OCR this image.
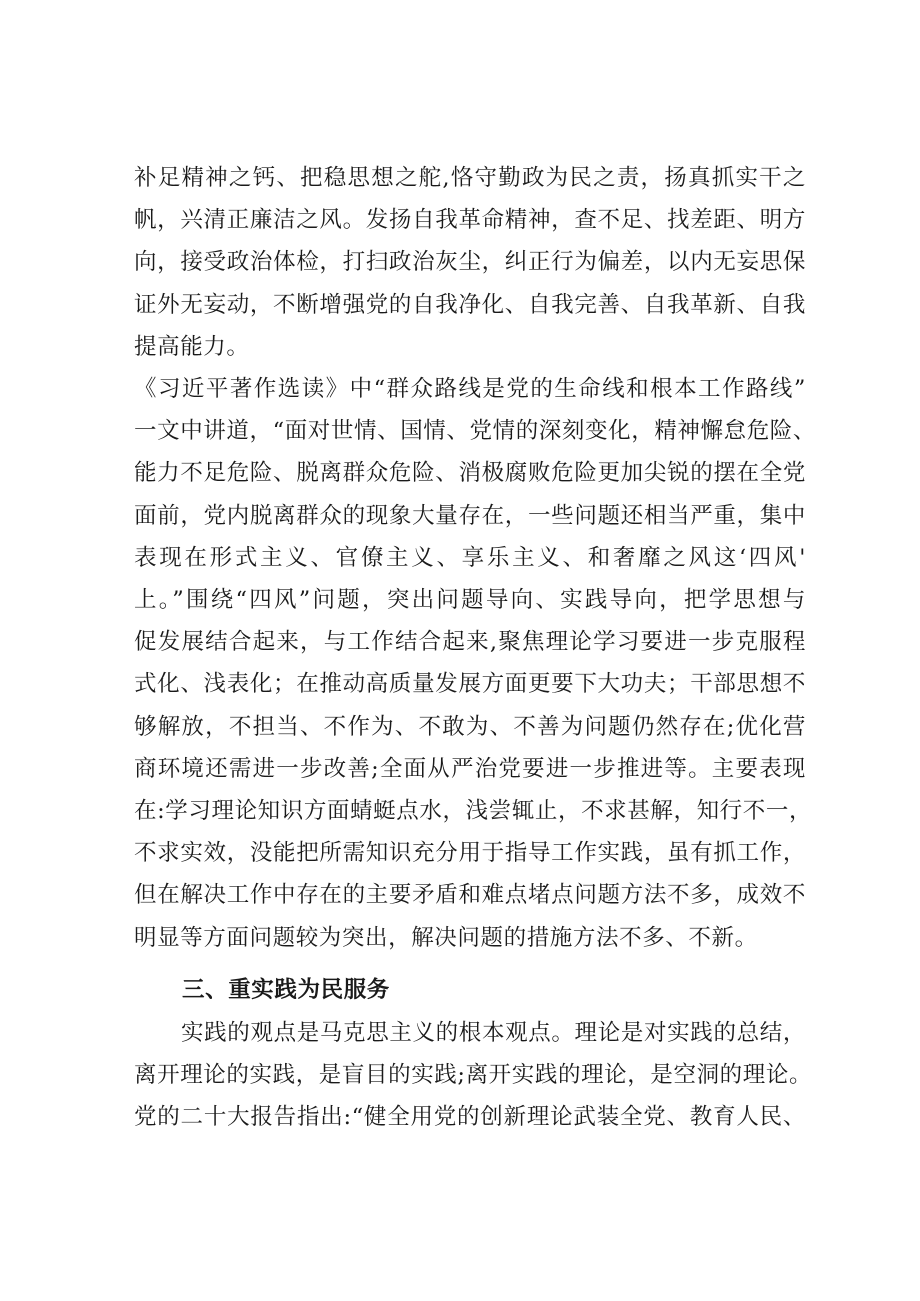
补足精神之钙、把稳思想之舵,恪守勤政为民之责，扬真抓实干之
帆，兴清正廉洁之风。发扬自我革命精神，查不足、找差距、明方
向，接受政治体检，打扫政治灰尘，纠正行为偏差，以内无妄思保
证外无妄动，不断增强党的自我净化、自我完善、自我革新、自我
提高能力。
《习近平著作选读》中“群众路线是党的生命线和根本工作路线”
一文中讲道，“面对世情、国情、党情的深刻变化，精神懈怠危险、
能力不足危险、脱离群众危险、消极腐败危险更加尖锐的摆在全党
面前，党内脱离群众的现象大量存在，一些问题还相当严重，集中
表现在形式主义、官僚主义、享乐主义、和奢靡之风这‘四风'
上。”围绕“四风”问题，突出问题导向、实践导向，把学思想与
促发展结合起来，与工作结合起来,聚焦理论学习要进一步克服程
式化、浅表化；在推动高质量发展方面更要下大功夫；干部思想不
够解放，不担当、不作为、不敢为、不善为问题仍然存在;优化营
商环境还需进一步改善;全面从严治党要进一步推进等。主要表现
在:学习理论知识方面蜻蜓点水，浅尝辄止，不求甚解，知行不一，
不求实效，没能把所需知识充分用于指导工作实践，虽有抓工作，
但在解决工作中存在的主要矛盾和难点堵点问题方法不多，成效不
明显等方面问题较为突出，解决问题的措施方法不多、不新。
三、重实践为民服务
实践的观点是马克思主义的根本观点。理论是对实践的总结，
离开理论的实践，是盲目的实践;离开实践的理论，是空洞的理论。
党的二十大报告指出:“健全用党的创新理论武装全党、教育人民、
